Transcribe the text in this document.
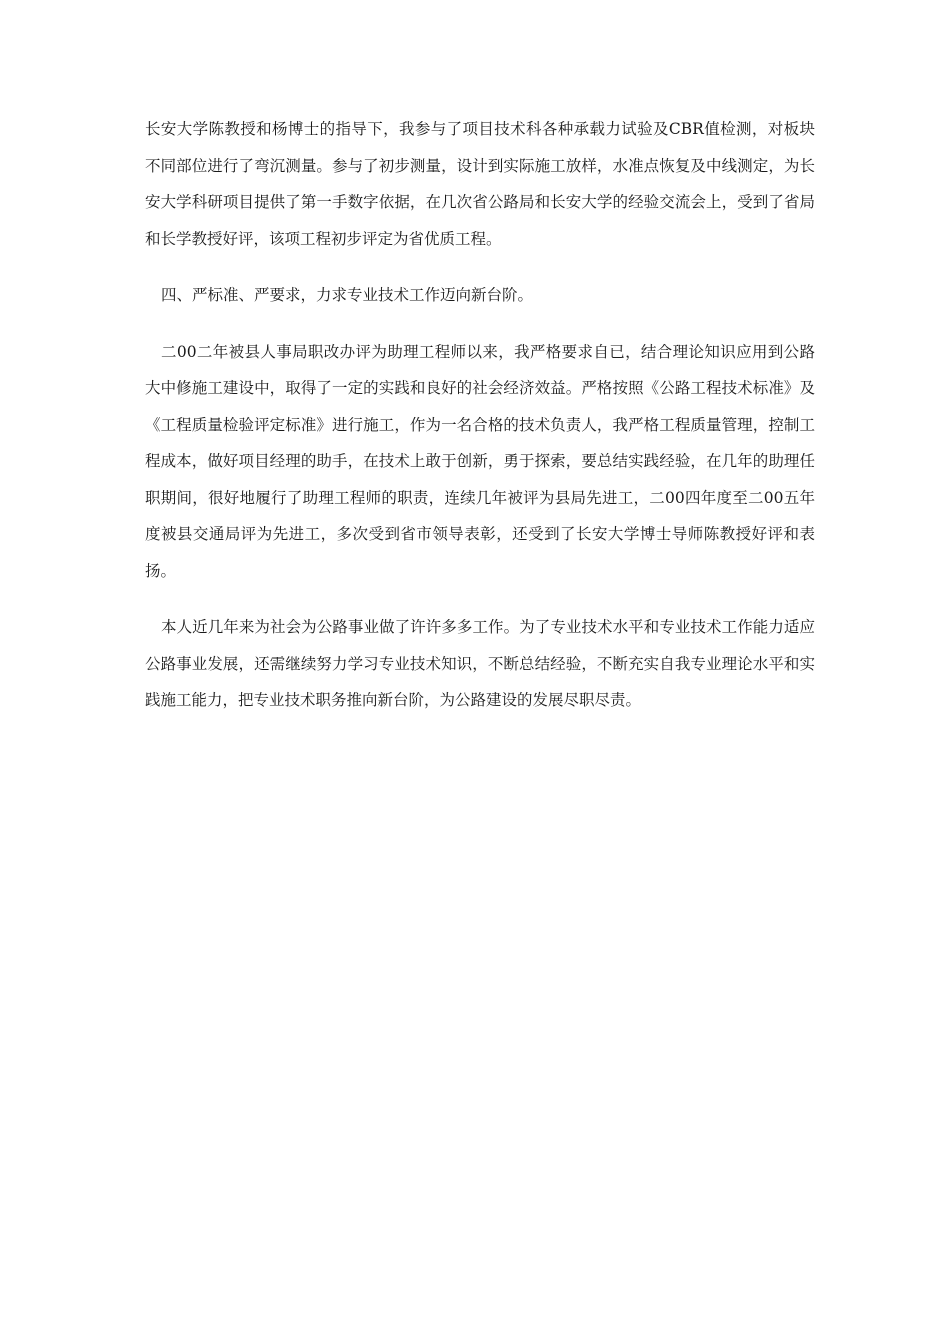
长安大学陈教授和杨博士的指导下，我参与了项目技术科各种承载力试验及CBR值检测，对板块不同部位进行了弯沉测量。参与了初步测量，设计到实际施工放样，水准点恢复及中线测定，为长安大学科研项目提供了第一手数字依据，在几次省公路局和长安大学的经验交流会上，受到了省局和长学教授好评，该项工程初步评定为省优质工程。

四、严标准、严要求，力求专业技术工作迈向新台阶。

二00二年被县人事局职改办评为助理工程师以来，我严格要求自已，结合理论知识应用到公路大中修施工建设中，取得了一定的实践和良好的社会经济效益。严格按照《公路工程技术标准》及《工程质量检验评定标准》进行施工，作为一名合格的技术负责人，我严格工程质量管理，控制工程成本，做好项目经理的助手，在技术上敢于创新，勇于探索，要总结实践经验，在几年的助理任职期间，很好地履行了助理工程师的职责，连续几年被评为县局先进工，二00四年度至二00五年度被县交通局评为先进工，多次受到省市领导表彰，还受到了长安大学博士导师陈教授好评和表扬。

本人近几年来为社会为公路事业做了许许多多工作。为了专业技术水平和专业技术工作能力适应公路事业发展，还需继续努力学习专业技术知识，不断总结经验，不断充实自我专业理论水平和实践施工能力，把专业技术职务推向新台阶，为公路建设的发展尽职尽责。
